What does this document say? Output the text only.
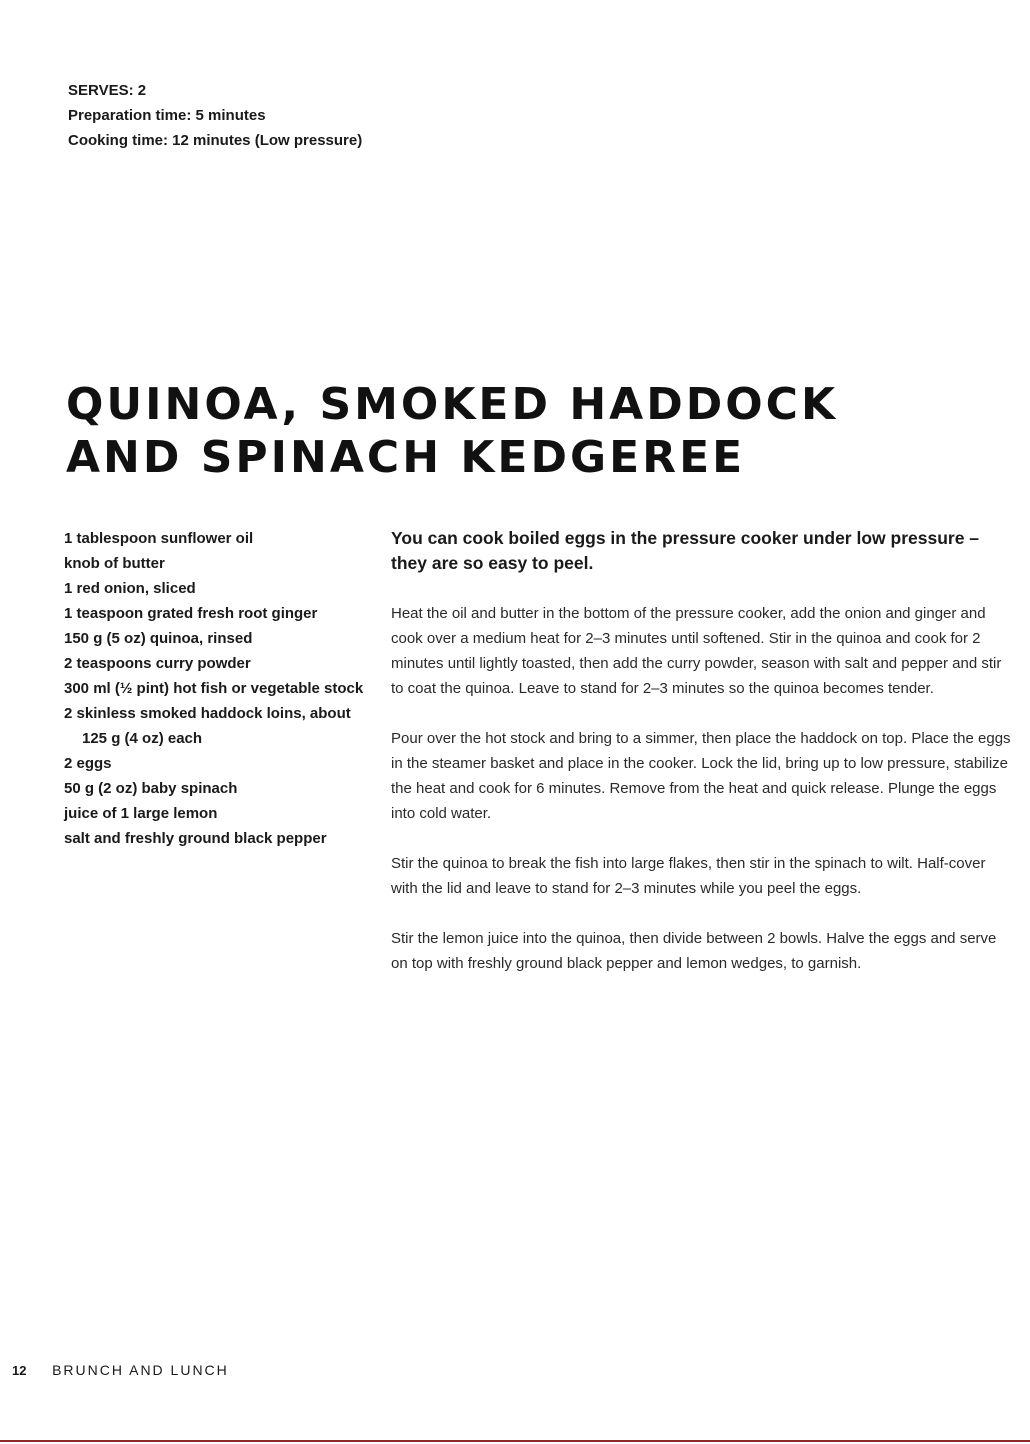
SERVES: 2
Preparation time: 5 minutes
Cooking time: 12 minutes (Low pressure)
QUINOA, SMOKED HADDOCK
AND SPINACH KEDGEREE
1 tablespoon sunflower oil
knob of butter
1 red onion, sliced
1 teaspoon grated fresh root ginger
150 g (5 oz) quinoa, rinsed
2 teaspoons curry powder
300 ml (½ pint) hot fish or vegetable stock
2 skinless smoked haddock loins, about 125 g (4 oz) each
2 eggs
50 g (2 oz) baby spinach
juice of 1 large lemon
salt and freshly ground black pepper

You can cook boiled eggs in the pressure cooker under low pressure – they are so easy to peel.

Heat the oil and butter in the bottom of the pressure cooker, add the onion and ginger and cook over a medium heat for 2–3 minutes until softened. Stir in the quinoa and cook for 2 minutes until lightly toasted, then add the curry powder, season with salt and pepper and stir to coat the quinoa. Leave to stand for 2–3 minutes so the quinoa becomes tender.

Pour over the hot stock and bring to a simmer, then place the haddock on top. Place the eggs in the steamer basket and place in the cooker. Lock the lid, bring up to low pressure, stabilize the heat and cook for 6 minutes. Remove from the heat and quick release. Plunge the eggs into cold water.

Stir the quinoa to break the fish into large flakes, then stir in the spinach to wilt. Half-cover with the lid and leave to stand for 2–3 minutes while you peel the eggs.

Stir the lemon juice into the quinoa, then divide between 2 bowls. Halve the eggs and serve on top with freshly ground black pepper and lemon wedges, to garnish.

12 BRUNCH AND LUNCH
